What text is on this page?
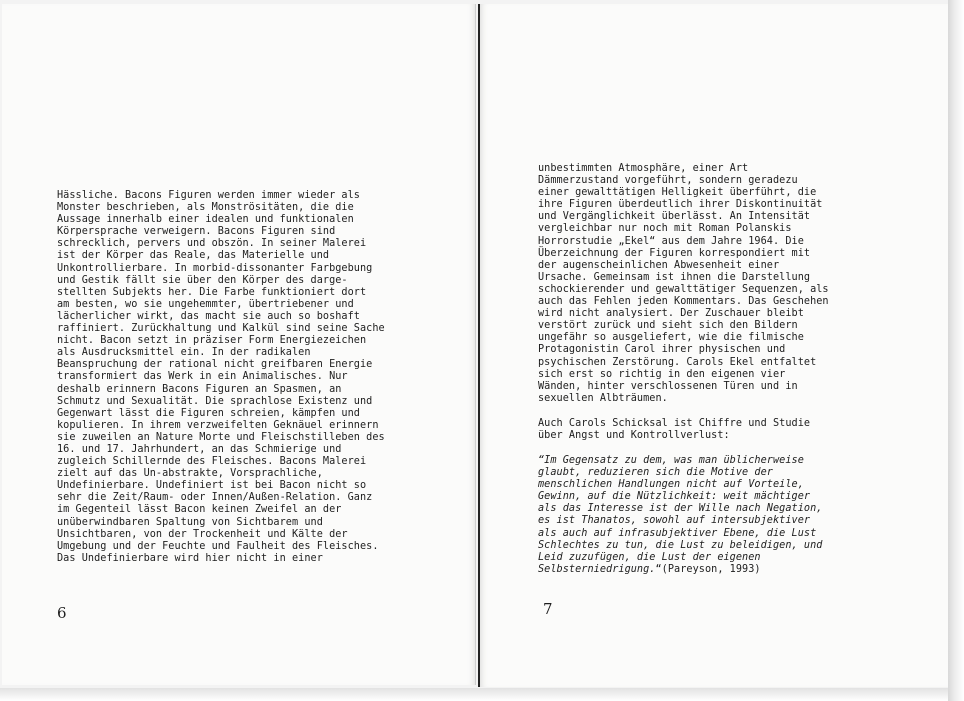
Hässliche. Bacons Figuren werden immer wieder als
Monster beschrieben, als Monströsitäten, die die
Aussage innerhalb einer idealen und funktionalen
Körpersprache verweigern. Bacons Figuren sind
schrecklich, pervers und obszön. In seiner Malerei
ist der Körper das Reale, das Materielle und
Unkontrollierbare. In morbid-dissonanter Farbgebung
und Gestik fällt sie über den Körper des darge-
stellten Subjekts her. Die Farbe funktioniert dort
am besten, wo sie ungehemmter, übertriebener und
lächerlicher wirkt, das macht sie auch so boshaft
raffiniert. Zurückhaltung und Kalkül sind seine Sache
nicht. Bacon setzt in präziser Form Energiezeichen
als Ausdrucksmittel ein. In der radikalen
Beanspruchung der rational nicht greifbaren Energie
transformiert das Werk in ein Animalisches. Nur
deshalb erinnern Bacons Figuren an Spasmen, an
Schmutz und Sexualität. Die sprachlose Existenz und
Gegenwart lässt die Figuren schreien, kämpfen und
kopulieren. In ihrem verzweifelten Geknäuel erinnern
sie zuweilen an Nature Morte und Fleischstilleben des
16. und 17. Jahrhundert, an das Schmierige und
zugleich Schillernde des Fleisches. Bacons Malerei
zielt auf das Un-abstrakte, Vorsprachliche,
Undefinierbare. Undefiniert ist bei Bacon nicht so
sehr die Zeit/Raum- oder Innen/Außen-Relation. Ganz
im Gegenteil lässt Bacon keinen Zweifel an der
unüberwindbaren Spaltung von Sichtbarem und
Unsichtbaren, von der Trockenheit und Kälte der
Umgebung und der Feuchte und Faulheit des Fleisches.
Das Undefinierbare wird hier nicht in einer
6
unbestimmten Atmosphäre, einer Art
Dämmerzustand vorgeführt, sondern geradezu
einer gewalttätigen Helligkeit überführt, die
ihre Figuren überdeutlich ihrer Diskontinuität
und Vergänglichkeit überlässt. An Intensität
vergleichbar nur noch mit Roman Polanskis
Horrorstudie „Ekel“ aus dem Jahre 1964. Die
Überzeichnung der Figuren korrespondiert mit
der augenscheinlichen Abwesenheit einer
Ursache. Gemeinsam ist ihnen die Darstellung
schockierender und gewalttätiger Sequenzen, als
auch das Fehlen jeden Kommentars. Das Geschehen
wird nicht analysiert. Der Zuschauer bleibt
verstört zurück und sieht sich den Bildern
ungefähr so ausgeliefert, wie die filmische
Protagonistin Carol ihrer physischen und
psychischen Zerstörung. Carols Ekel entfaltet
sich erst so richtig in den eigenen vier
Wänden, hinter verschlossenen Türen und in
sexuellen Albträumen.
Auch Carols Schicksal ist Chiffre und Studie
über Angst und Kontrollverlust:
“Im Gegensatz zu dem, was man üblicherweise
glaubt, reduzieren sich die Motive der
menschlichen Handlungen nicht auf Vorteile,
Gewinn, auf die Nützlichkeit: weit mächtiger
als das Interesse ist der Wille nach Negation,
es ist Thanatos, sowohl auf intersubjektiver
als auch auf infrasubjektiver Ebene, die Lust
Schlechtes zu tun, die Lust zu beleidigen, und
Leid zuzufügen, die Lust der eigenen
Selbsterniedrigung.“(Pareyson, 1993)
7
